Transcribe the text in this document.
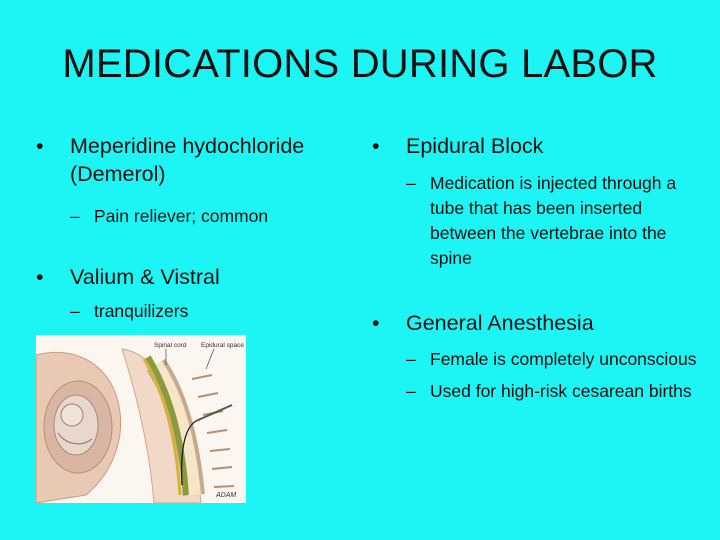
MEDICATIONS DURING LABOR
• Meperidine hydochloride (Demerol)
– Pain reliever; common
• Valium & Vistral
– tranquilizers
Spinal cord Epidural space
ADAM
• Epidural Block
– Medication is injected through a tube that has been inserted between the vertebrae into the spine
• General Anesthesia
– Female is completely unconscious
– Used for high-risk cesarean births
